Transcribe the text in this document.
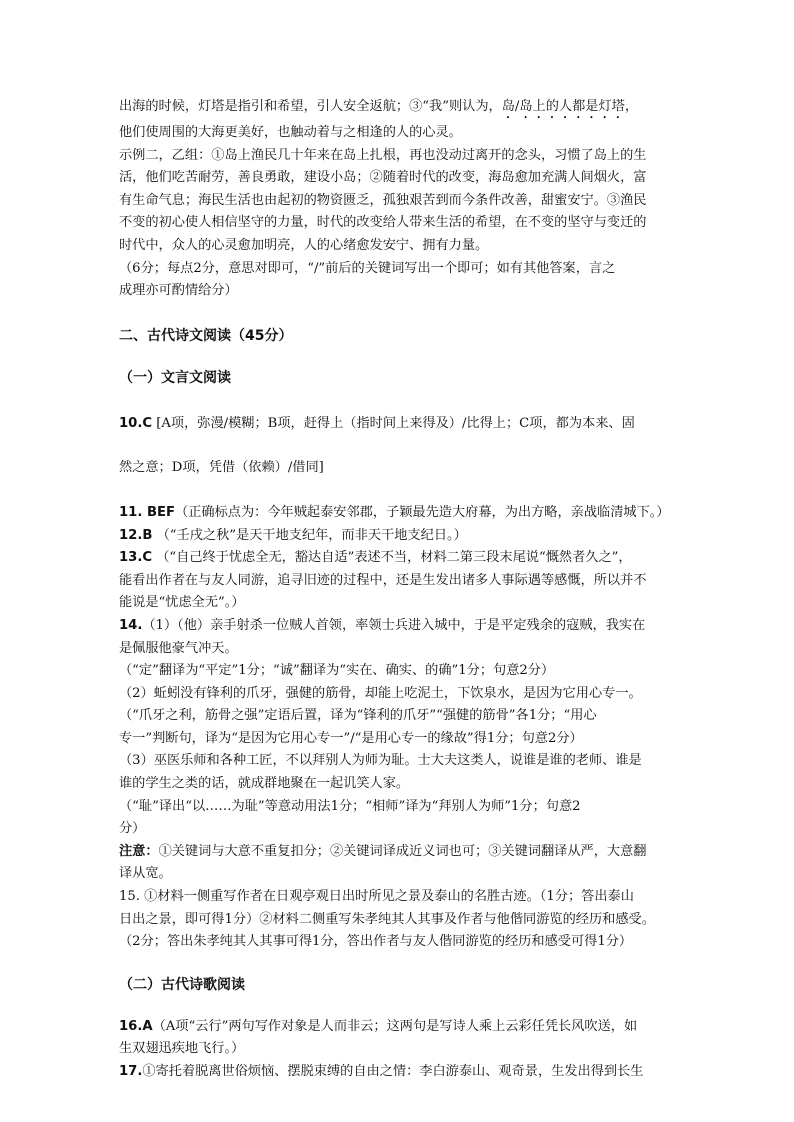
出海的时候，灯塔是指引和希望，引人安全返航；③“我”则认为，岛/岛上的人都是灯塔，
他们使周围的大海更美好，也触动着与之相逢的人的心灵。
示例二，乙组：①岛上渔民几十年来在岛上扎根，再也没动过离开的念头，习惯了岛上的生
活，他们吃苦耐劳，善良勇敢，建设小岛；②随着时代的改变，海岛愈加充满人间烟火，富
有生命气息；海民生活也由起初的物资匮乏，孤独艰苦到而今条件改善，甜蜜安宁。③渔民
不变的初心使人相信坚守的力量，时代的改变给人带来生活的希望，在不变的坚守与变迁的
时代中，众人的心灵愈加明亮，人的心绪愈发安宁、拥有力量。
（6分；每点2分，意思对即可，“/”前后的关键词写出一个即可；如有其他答案，言之
成理亦可酌情给分）
二、古代诗文阅读（45分）
（一）文言文阅读
10.C [A项，弥漫/模糊；B项，赶得上（指时间上来得及）/比得上；C项，都为本来、固
然之意；D项，凭借（依赖）/借同]
11. BEF（正确标点为：今年贼起泰安邻郡，子颖最先造大府幕，为出方略，亲战临清城下。）
12.B （“壬戌之秋”是天干地支纪年，而非天干地支纪日。）
13.C （“自己终于忧虑全无，豁达自适”表述不当，材料二第三段末尾说“慨然者久之”，
能看出作者在与友人同游，追寻旧迹的过程中，还是生发出诸多人事际遇等感慨，所以并不
能说是“忧虑全无”。）
14.（1）（他）亲手射杀一位贼人首领，率领士兵进入城中，于是平定残余的寇贼，我实在
是佩服他豪气冲天。
（“定”翻译为“平定”1分；“诚”翻译为“实在、确实、的确”1分；句意2分）
（2）蚯蚓没有锋利的爪牙，强健的筋骨，却能上吃泥土，下饮泉水，是因为它用心专一。
（“爪牙之利，筋骨之强”定语后置，译为“锋利的爪牙”“强健的筋骨”各1分；“用心
专一”判断句，译为“是因为它用心专一”/“是用心专一的缘故”得1分；句意2分）
（3）巫医乐师和各种工匠，不以拜别人为师为耻。士大夫这类人，说谁是谁的老师、谁是
谁的学生之类的话，就成群地聚在一起讥笑人家。
（“耻”译出“以……为耻”等意动用法1分；“相师”译为“拜别人为师”1分；句意2
分）
注意：①关键词与大意不重复扣分；②关键词译成近义词也可；③关键词翻译从严，大意翻
译从宽。
15. ①材料一侧重写作者在日观亭观日出时所见之景及泰山的名胜古迹。（1分；答出泰山
日出之景，即可得1分）②材料二侧重写朱孝纯其人其事及作者与他偕同游览的经历和感受。
（2分；答出朱孝纯其人其事可得1分，答出作者与友人偕同游览的经历和感受可得1分）
（二）古代诗歌阅读
16.A（A项“云行”两句写作对象是人而非云；这两句是写诗人乘上云彩任凭长风吹送，如
生双翅迅疾地飞行。）
17.①寄托着脱离世俗烦恼、摆脱束缚的自由之情：李白游泰山、观奇景，生发出得到长生
